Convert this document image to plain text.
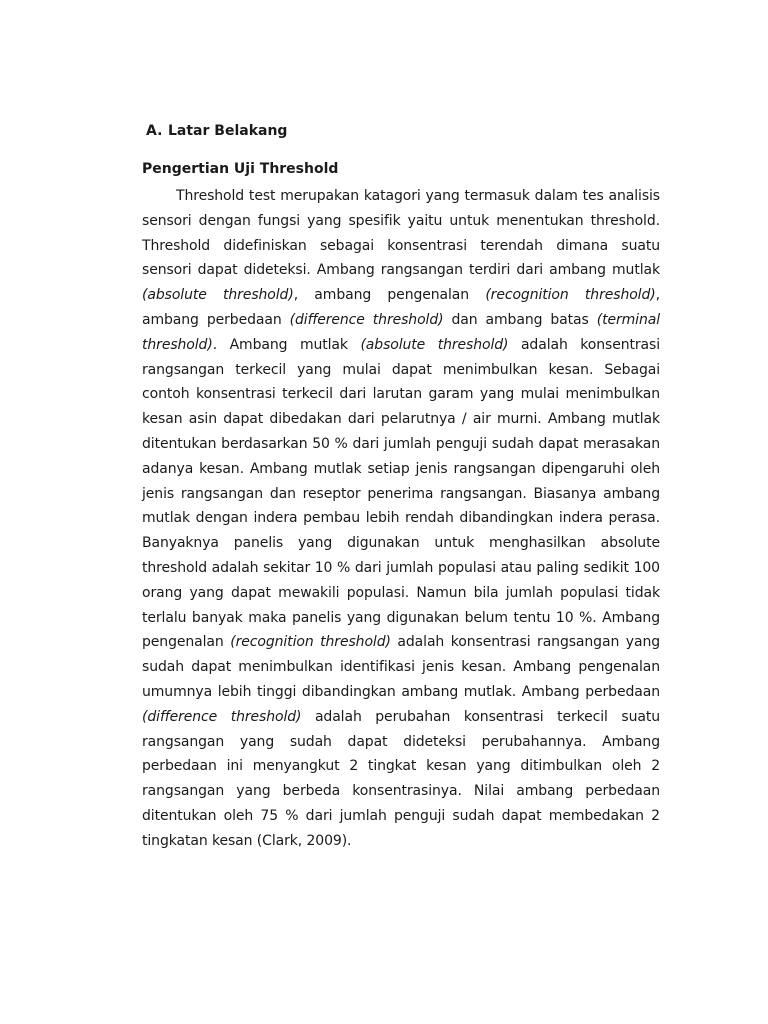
A. Latar Belakang
Pengertian Uji Threshold

Threshold test merupakan katagori yang termasuk dalam tes analisis sensori dengan fungsi yang spesifik yaitu untuk menentukan threshold. Threshold didefiniskan sebagai konsentrasi terendah dimana suatu sensori dapat dideteksi. Ambang rangsangan terdiri dari ambang mutlak (absolute threshold), ambang pengenalan (recognition threshold), ambang perbedaan (difference threshold) dan ambang batas (terminal threshold). Ambang mutlak (absolute threshold) adalah konsentrasi rangsangan terkecil yang mulai dapat menimbulkan kesan. Sebagai contoh konsentrasi terkecil dari larutan garam yang mulai menimbulkan kesan asin dapat dibedakan dari pelarutnya / air murni. Ambang mutlak ditentukan berdasarkan 50 % dari jumlah penguji sudah dapat merasakan adanya kesan. Ambang mutlak setiap jenis rangsangan dipengaruhi oleh jenis rangsangan dan reseptor penerima rangsangan. Biasanya ambang mutlak dengan indera pembau lebih rendah dibandingkan indera perasa. Banyaknya panelis yang digunakan untuk menghasilkan absolute threshold adalah sekitar 10 % dari jumlah populasi atau paling sedikit 100 orang yang dapat mewakili populasi. Namun bila jumlah populasi tidak terlalu banyak maka panelis yang digunakan belum tentu 10 %. Ambang pengenalan (recognition threshold) adalah konsentrasi rangsangan yang sudah dapat menimbulkan identifikasi jenis kesan. Ambang pengenalan umumnya lebih tinggi dibandingkan ambang mutlak. Ambang perbedaan (difference threshold) adalah perubahan konsentrasi terkecil suatu rangsangan yang sudah dapat dideteksi perubahannya. Ambang perbedaan ini menyangkut 2 tingkat kesan yang ditimbulkan oleh 2 rangsangan yang berbeda konsentrasinya. Nilai ambang perbedaan ditentukan oleh 75 % dari jumlah penguji sudah dapat membedakan 2 tingkatan kesan (Clark, 2009).
